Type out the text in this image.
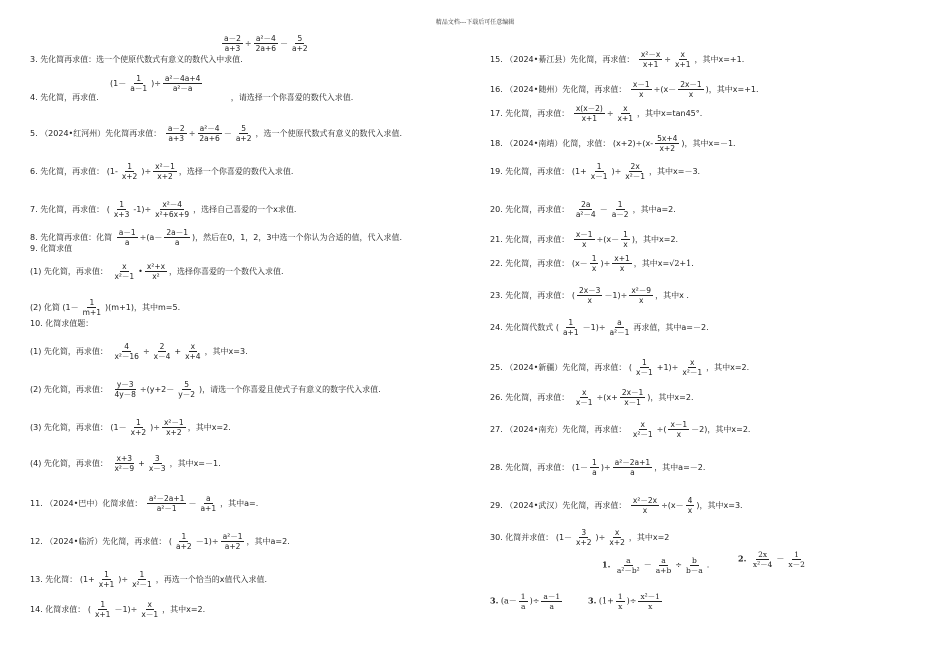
精品文档---下载后可任意编辑
$\frac{a-2}{a+3} \div \frac{\text{a²－4}}{2a+6} - \frac{5}{a+2}$
3. 先化简再求值：选一个使原代数式有意义的数代入中求值.
($1- \frac{1}{a-1}$ )÷ $\frac{\text{a²－4a+4}}{\text{a²－a}}$
4. 先化简，再求值.	，请选择一个你喜爱的数代入求值.
5. （2024•红河州）先化简再求值： $\frac{a-2}{a+3} \div \frac{\text{a²－4}}{2a+6} - \frac{5}{a+2}$ ，选一个使原代数式有意义的数代入求值.
6. 先化简，再求值： ($1- \frac{1}{x+2}$ )÷ $\frac{\text{x²－1}}{x+2}$ ，选择一个你喜爱的数代入求值.
7. 先化简，再求值： ( $\frac{1}{x+3} -1)\div \frac{\text{x²－4}}{\text{x²+6x+9}}$ ，选择自己喜爱的一个x求值.
8. 先化简再求值：化简 $\frac{a-1}{a} \div(a- \frac{2a-1}{a}$ )，然后在0，1，2，3中选一个你认为合适的值，代入求值.
9. 化简求值
(1) 先化简，再求值： $\frac{x}{\text{x²－1}}$ • $\frac{\text{x²+x}}{\text{x²}}$ ，选择你喜爱的一个数代入求值.
(2) 化简 $(1- \frac{1}{m+1} )(m+1)$，其中m=5.
10. 化简求值题：
(1) 先化简，再求值： $\frac{4}{\text{x²－16}} \div \frac{2}{x-4} + \frac{x}{x+4}$ ，其中x=3.
(2) 先化简，再求值： $\frac{y-3}{4y-8} \div(y+2- \frac{5}{y-2}$ )，请选一个你喜爱且使式子有意义的数字代入求值.
(3) 先化简，再求值： ($1- \frac{1}{x+2}$ )÷ $\frac{\text{x²－1}}{x+2}$ ，其中x=2.
(4) 先化简，再求值： $\frac{x+3}{\text{x²－9}} + \frac{3}{x-3}$ ，其中x=－1.
11. （2024•巴中）化简求值： $\frac{\text{a²－2a+1}}{\text{a²－1}} - \frac{a}{a+1}$ ，其中a=.
12. （2024•临沂）先化简，再求值： ( $\frac{1}{a+2} -1)\div \frac{\text{a²－1}}{a+2}$ ，其中a=2.
13. 先化简： ($1+ \frac{1}{x+1}$ )÷ $\frac{1}{\text{x²－1}}$ ，再选一个恰当的x值代入求值.
14. 化简求值： ( $\frac{1}{x+1} -1)\div \frac{x}{x-1}$ ，其中x=2.
15. （2024•綦江县）先化简，再求值： $\frac{\text{x²－x}}{x+1} \div \frac{x}{x+1}$ ，其中x=+1.
16. （2024•随州）先化简，再求值： $\frac{x-1}{x} \div(x- \frac{2x-1}{x}$ )，其中x=+1.
17. 先化简，再求值： $\frac{x(x-2)}{x+1} \div \frac{x}{x+1}$ ，其中x=tan45°.
18. （2024•南靖）化简，求值： $(x+2)\div(x- \frac{5x+4}{x+2}$ )，其中x=－1.
19. 先化简，再求值： ($1+ \frac{1}{x-1}$ )÷ $\frac{2x}{\text{x²－1}}$ ，其中x=－3.
20. 先化简，再求值： $\frac{2a}{\text{a²－4}} - \frac{1}{a-2}$ ，其中a=2.
21. 先化简，再求值： $\frac{x-1}{x} \div(x- \frac{1}{x}$ )，其中x=2.
22. 先化简，再求值： ($x- \frac{1}{x}$ )÷ $\frac{x+1}{x}$ ，其中x=√2+1.
23. 先化简，再求值： ( $\frac{2x-3}{x} -1)\div \frac{\text{x²－9}}{x}$ ，其中x .
24. 先化简代数式 ( $\frac{1}{a+1} -1)\div \frac{a}{\text{a²－1}}$ 再求值，其中a=－2.
25. （2024•新疆）先化简，再求值： ( $\frac{1}{x-1} +1)\div \frac{x}{\text{x²－1}}$ ，其中x=2.
26. 先化简，再求值： $\frac{x}{x-1} \div(x+ \frac{2x-1}{x-1}$ )，其中x=2.
27. （2024•南充）先化简，再求值： $\frac{x}{\text{x²－1}}$ ÷( $\frac{x-1}{x} -2$)，其中x=2.
28. 先化简，再求值： ($1- \frac{1}{a}$ )÷ $\frac{\text{a²－2a+1}}{a}$ ，其中a=－2.
29. （2024•武汉）先化简，再求值： $\frac{\text{x²－2x}}{x} \div(x- \frac{4}{x}$ )，其中x=3.
30. 化简并求值： ($1- \frac{3}{x+2}$ )÷ $\frac{x}{x+2}$ ，其中x=2
1. $\frac{a}{\text{a²－b²}} - \frac{a}{a+b} \div \frac{b}{b-a}$ .
2. $\frac{2x}{\text{x²－4}} - \frac{1}{x-2}$
3. ($a- \frac{1}{a}$ )÷ $\frac{a-1}{a}$	3. ($1+ \frac{1}{x}$ )÷ $\frac{\text{x²－1}}{x}$
